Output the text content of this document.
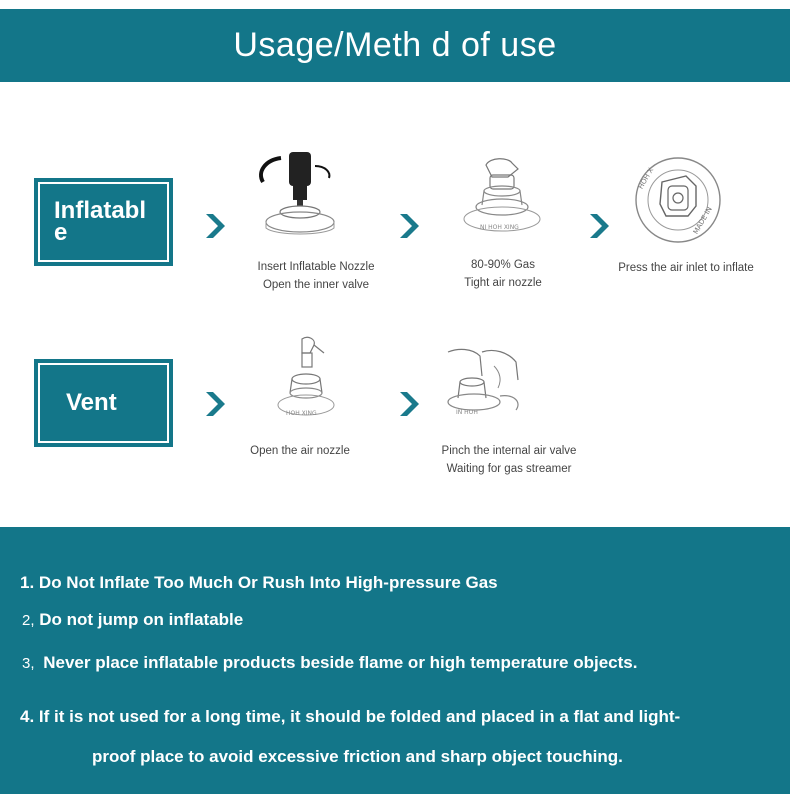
Usage/Meth d of use
Inflatable	NI HOH XING
HOH X
MADE IN
Insert Inflatable Nozzle
Open the inner valve
80-90% Gas
Tight air nozzle
Press the air inlet to inflate
Vent	HOH XING	IN HOH
Open the air nozzle	Pinch the internal air valve
Waiting for gas streamer
1. Do Not Inflate Too Much Or Rush Into High-pressure Gas
2, Do not jump on inflatable
3, Never place inflatable products beside flame or high temperature objects.
4. If it is not used for a long time, it should be folded and placed in a flat and light-
proof place to avoid excessive friction and sharp object touching.
